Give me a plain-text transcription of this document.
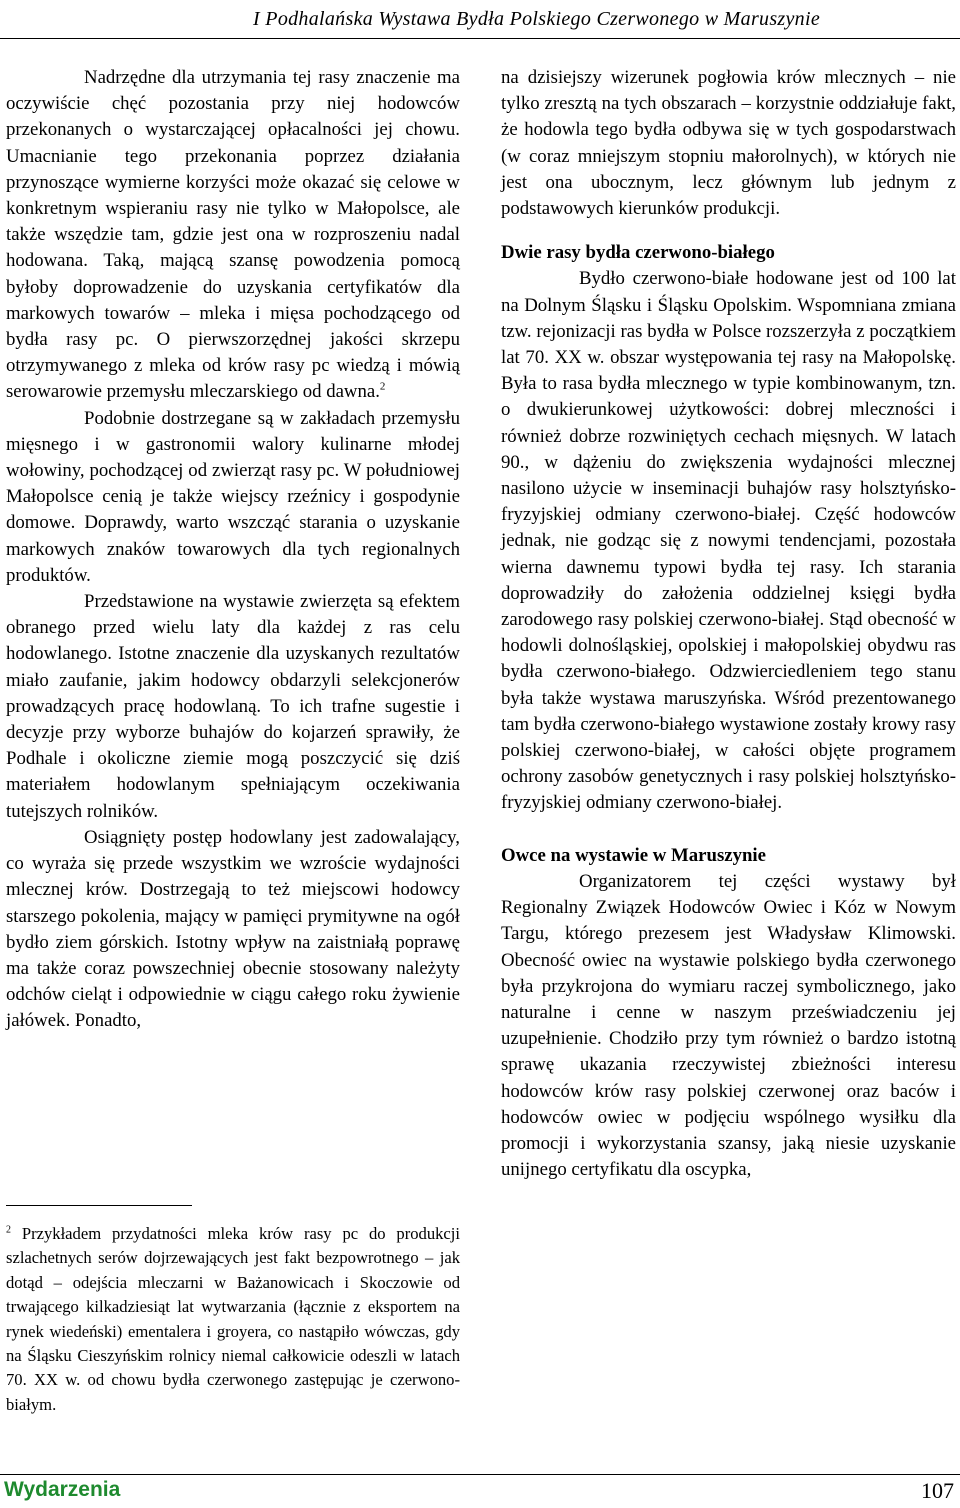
I Podhalańska Wystawa Bydła Polskiego Czerwonego w Maruszynie

Nadrzędne dla utrzymania tej rasy znaczenie ma oczywiście chęć pozostania przy niej hodowców przekonanych o wystarczającej opłacalności jej chowu. Umacnianie tego przekonania poprzez działania przynoszące wymierne korzyści może okazać się celowe w konkretnym wspieraniu rasy nie tylko w Małopolsce, ale także wszędzie tam, gdzie jest ona w rozproszeniu nadal hodowana. Taką, mającą szansę powodzenia pomocą byłoby doprowadzenie do uzyskania certyfikatów dla markowych towarów – mleka i mięsa pochodzącego od bydła rasy pc. O pierwszorzędnej jakości skrzepu otrzymywanego z mleka od krów rasy pc wiedzą i mówią serowarowie przemysłu mleczarskiego od dawna.$^2$

Podobnie dostrzegane są w zakładach przemysłu mięsnego i w gastronomii walory kulinarne młodej wołowiny, pochodzącej od zwierząt rasy pc. W południowej Małopolsce cenią je także wiejscy rzeźnicy i gospodynie domowe. Doprawdy, warto wszcząć starania o uzyskanie markowych znaków towarowych dla tych regionalnych produktów.

Przedstawione na wystawie zwierzęta są efektem obranego przed wielu laty dla każdej z ras celu hodowlanego. Istotne znaczenie dla uzyskanych rezultatów miało zaufanie, jakim hodowcy obdarzyli selekcjonerów prowadzących pracę hodowlaną. To ich trafne sugestie i decyzje przy wyborze buhajów do kojarzeń sprawiły, że Podhale i okoliczne ziemie mogą poszczycić się dziś materiałem hodowlanym spełniającym oczekiwania tutejszych rolników.

Osiągnięty postęp hodowlany jest zadowalający, co wyraża się przede wszystkim we wzroście wydajności mlecznej krów. Dostrzegają to też miejscowi hodowcy starszego pokolenia, mający w pamięci prymitywne na ogół bydło ziem górskich. Istotny wpływ na zaistniałą poprawę ma także coraz powszechniej obecnie stosowany należyty odchów cieląt i odpowiednie w ciągu całego roku żywienie jałówek. Ponadto,

$^2$ Przykładem przydatności mleka krów rasy pc do produkcji szlachetnych serów dojrzewających jest fakt bezpowrotnego – jak dotąd – odejścia mleczarni w Bażanowicach i Skoczowie od trwającego kilkadziesiąt lat wytwarzania (łącznie z eksportem na rynek wiedeński) ementalera i groyera, co nastąpiło wówczas, gdy na Śląsku Cieszyńskim rolnicy niemal całkowicie odeszli w latach 70. XX w. od chowu bydła czerwonego zastępując je czerwono-białym.

na dzisiejszy wizerunek pogłowia krów mlecznych – nie tylko zresztą na tych obszarach – korzystnie oddziałuje fakt, że hodowla tego bydła odbywa się w tych gospodarstwach (w coraz mniejszym stopniu małorolnych), w których nie jest ona ubocznym, lecz głównym lub jednym z podstawowych kierunków produkcji.

Dwie rasy bydła czerwono-białego

Bydło czerwono-białe hodowane jest od 100 lat na Dolnym Śląsku i Śląsku Opolskim. Wspomniana zmiana tzw. rejonizacji ras bydła w Polsce rozszerzyła z początkiem lat 70. XX w. obszar występowania tej rasy na Małopolskę. Była to rasa bydła mlecznego w typie kombinowanym, tzn. o dwukierunkowej użytkowości: dobrej mleczności i również dobrze rozwiniętych cechach mięsnych. W latach 90., w dążeniu do zwiększenia wydajności mlecznej nasilono użycie w inseminacji buhajów rasy holsztyńsko-fryzyjskiej odmiany czerwono-białej. Część hodowców jednak, nie godząc się z nowymi tendencjami, pozostała wierna dawnemu typowi bydła tej rasy. Ich starania doprowadziły do założenia oddzielnej księgi bydła zarodowego rasy polskiej czerwono-białej. Stąd obecność w hodowli dolnośląskiej, opolskiej i małopolskiej obydwu ras bydła czerwono-białego. Odzwierciedleniem tego stanu była także wystawa maruszyńska. Wśród prezentowanego tam bydła czerwono-białego wystawione zostały krowy rasy polskiej czerwono-białej, w całości objęte programem ochrony zasobów genetycznych i rasy polskiej holsztyńsko-fryzyjskiej odmiany czerwono-białej.

Owce na wystawie w Maruszynie

Organizatorem tej części wystawy był Regionalny Związek Hodowców Owiec i Kóz w Nowym Targu, którego prezesem jest Władysław Klimowski. Obecność owiec na wystawie polskiego bydła czerwonego była przykrojona do wymiaru raczej symbolicznego, jako naturalne i cenne w naszym przeświadczeniu jej uzupełnienie. Chodziło przy tym również o bardzo istotną sprawę ukazania rzeczywistej zbieżności interesu hodowców krów rasy polskiej czerwonej oraz baców i hodowców owiec w podjęciu wspólnego wysiłku dla promocji i wykorzystania szansy, jaką niesie uzyskanie unijnego certyfikatu dla oscypka,

Wydarzenia	107
